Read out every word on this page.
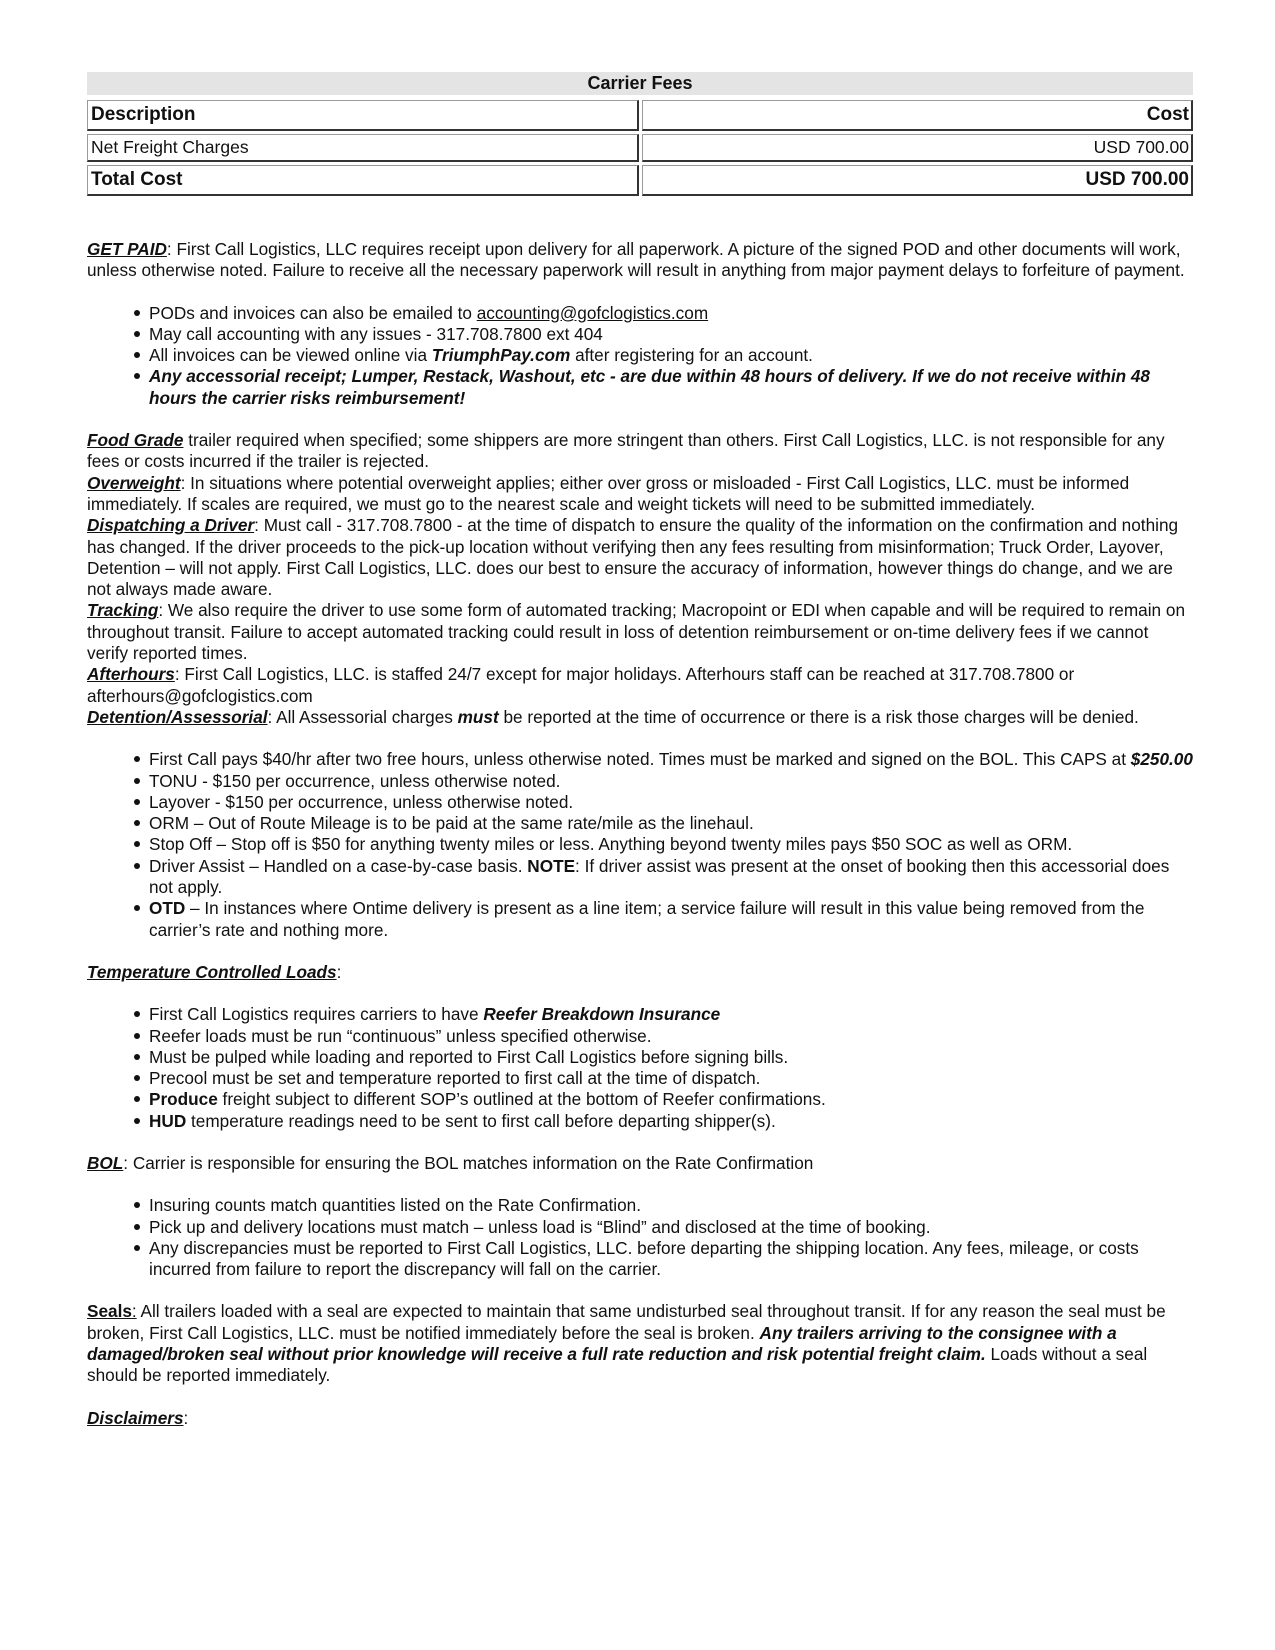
Carrier Fees
Description	Cost
Net Freight Charges	USD 700.00
Total Cost	USD 700.00

GET PAID: First Call Logistics, LLC requires receipt upon delivery for all paperwork. A picture of the signed POD and other documents will work, unless otherwise noted. Failure to receive all the necessary paperwork will result in anything from major payment delays to forfeiture of payment.

PODs and invoices can also be emailed to accounting@gofclogistics.com
May call accounting with any issues - 317.708.7800 ext 404
All invoices can be viewed online via TriumphPay.com after registering for an account.
Any accessorial receipt; Lumper, Restack, Washout, etc - are due within 48 hours of delivery. If we do not receive within 48 hours the carrier risks reimbursement!

Food Grade trailer required when specified; some shippers are more stringent than others. First Call Logistics, LLC. is not responsible for any fees or costs incurred if the trailer is rejected.

Overweight: In situations where potential overweight applies; either over gross or misloaded - First Call Logistics, LLC. must be informed immediately. If scales are required, we must go to the nearest scale and weight tickets will need to be submitted immediately.

Dispatching a Driver: Must call - 317.708.7800 - at the time of dispatch to ensure the quality of the information on the confirmation and nothing has changed. If the driver proceeds to the pick-up location without verifying then any fees resulting from misinformation; Truck Order, Layover, Detention – will not apply. First Call Logistics, LLC. does our best to ensure the accuracy of information, however things do change, and we are not always made aware.

Tracking: We also require the driver to use some form of automated tracking; Macropoint or EDI when capable and will be required to remain on throughout transit. Failure to accept automated tracking could result in loss of detention reimbursement or on-time delivery fees if we cannot verify reported times.

Afterhours: First Call Logistics, LLC. is staffed 24/7 except for major holidays. Afterhours staff can be reached at 317.708.7800 or afterhours@gofclogistics.com

Detention/Assessorial: All Assessorial charges must be reported at the time of occurrence or there is a risk those charges will be denied.

First Call pays $40/hr after two free hours, unless otherwise noted. Times must be marked and signed on the BOL. This CAPS at $250.00
TONU - $150 per occurrence, unless otherwise noted.
Layover - $150 per occurrence, unless otherwise noted.
ORM – Out of Route Mileage is to be paid at the same rate/mile as the linehaul.
Stop Off – Stop off is $50 for anything twenty miles or less. Anything beyond twenty miles pays $50 SOC as well as ORM.
Driver Assist – Handled on a case-by-case basis. NOTE: If driver assist was present at the onset of booking then this accessorial does not apply.
OTD – In instances where Ontime delivery is present as a line item; a service failure will result in this value being removed from the carrier’s rate and nothing more.

Temperature Controlled Loads:

First Call Logistics requires carriers to have Reefer Breakdown Insurance
Reefer loads must be run “continuous” unless specified otherwise.
Must be pulped while loading and reported to First Call Logistics before signing bills.
Precool must be set and temperature reported to first call at the time of dispatch.
Produce freight subject to different SOP’s outlined at the bottom of Reefer confirmations.
HUD temperature readings need to be sent to first call before departing shipper(s).

BOL: Carrier is responsible for ensuring the BOL matches information on the Rate Confirmation

Insuring counts match quantities listed on the Rate Confirmation.
Pick up and delivery locations must match – unless load is “Blind” and disclosed at the time of booking.
Any discrepancies must be reported to First Call Logistics, LLC. before departing the shipping location. Any fees, mileage, or costs incurred from failure to report the discrepancy will fall on the carrier.

Seals: All trailers loaded with a seal are expected to maintain that same undisturbed seal throughout transit. If for any reason the seal must be broken, First Call Logistics, LLC. must be notified immediately before the seal is broken. Any trailers arriving to the consignee with a damaged/broken seal without prior knowledge will receive a full rate reduction and risk potential freight claim. Loads without a seal should be reported immediately.

Disclaimers:
